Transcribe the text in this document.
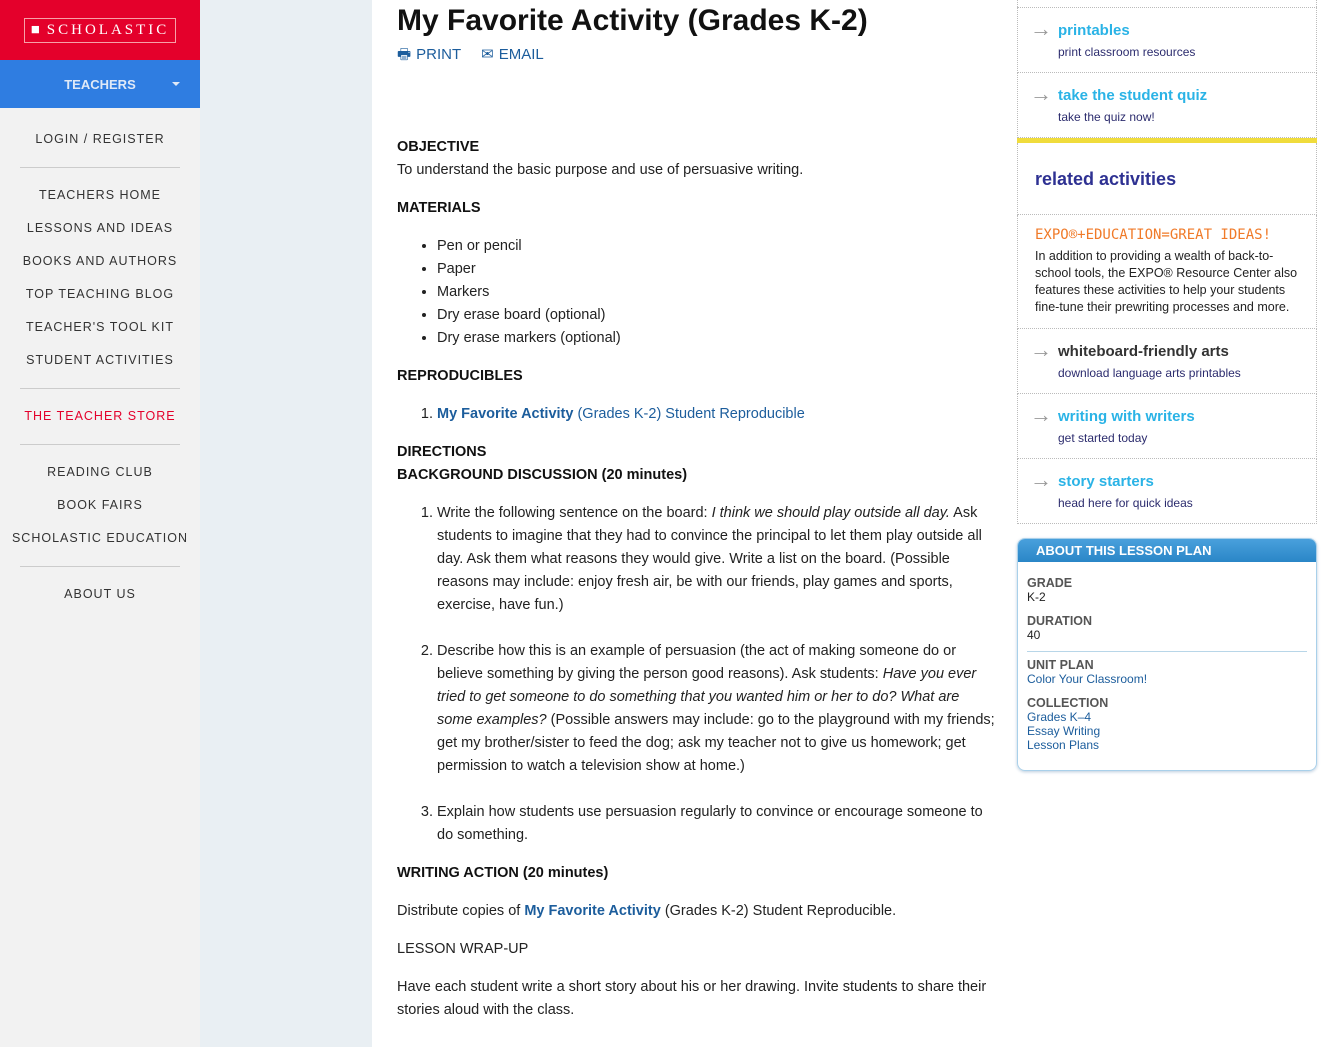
■ SCHOLASTIC
TEACHERS
LOGIN / REGISTER
TEACHERS HOME
LESSONS AND IDEAS
BOOKS AND AUTHORS
TOP TEACHING BLOG
TEACHER'S TOOL KIT
STUDENT ACTIVITIES
THE TEACHER STORE
READING CLUB
BOOK FAIRS
SCHOLASTIC EDUCATION
ABOUT US
My Favorite Activity (Grades K-2)
🖶 PRINT ✉ EMAIL
OBJECTIVE

To understand the basic purpose and use of persuasive writing.

MATERIALS
• Pen or pencil
• Paper
• Markers
• Dry erase board (optional)
• Dry erase markers (optional)
REPRODUCIBLES
1. My Favorite Activity (Grades K-2) Student Reproducible
DIRECTIONS
BACKGROUND DISCUSSION (20 minutes)
1. Write the following sentence on the board: I think we should play outside all day. Ask students to imagine that they had to convince the principal to let them play outside all day. Ask them what reasons they would give. Write a list on the board. (Possible reasons may include: enjoy fresh air, be with our friends, play games and sports, exercise, have fun.)
2. Describe how this is an example of persuasion (the act of making someone do or believe something by giving the person good reasons). Ask students: Have you ever tried to get someone to do something that you wanted him or her to do? What are some examples? (Possible answers may include: go to the playground with my friends; get my brother/sister to feed the dog; ask my teacher not to give us homework; get permission to watch a television show at home.)
3. Explain how students use persuasion regularly to convince or encourage someone to do something.
WRITING ACTION (20 minutes)

Distribute copies of My Favorite Activity (Grades K-2) Student Reproducible.

LESSON WRAP-UP

Have each student write a short story about his or her drawing. Invite students to share their stories aloud with the class.

→ printables
print classroom resources
→ take the student quiz
take the quiz now!
related activities
EXPO®+EDUCATION=GREAT IDEAS!
In addition to providing a wealth of back-to-school tools, the EXPO® Resource Center also features these activities to help your students fine-tune their prewriting processes and more.
→ whiteboard-friendly arts
download language arts printables
→ writing with writers
get started today
→ story starters
head here for quick ideas
ABOUT THIS LESSON PLAN
GRADE
K-2
DURATION
40
UNIT PLAN
Color Your Classroom!
COLLECTION
Grades K–4
Essay Writing
Lesson Plans
